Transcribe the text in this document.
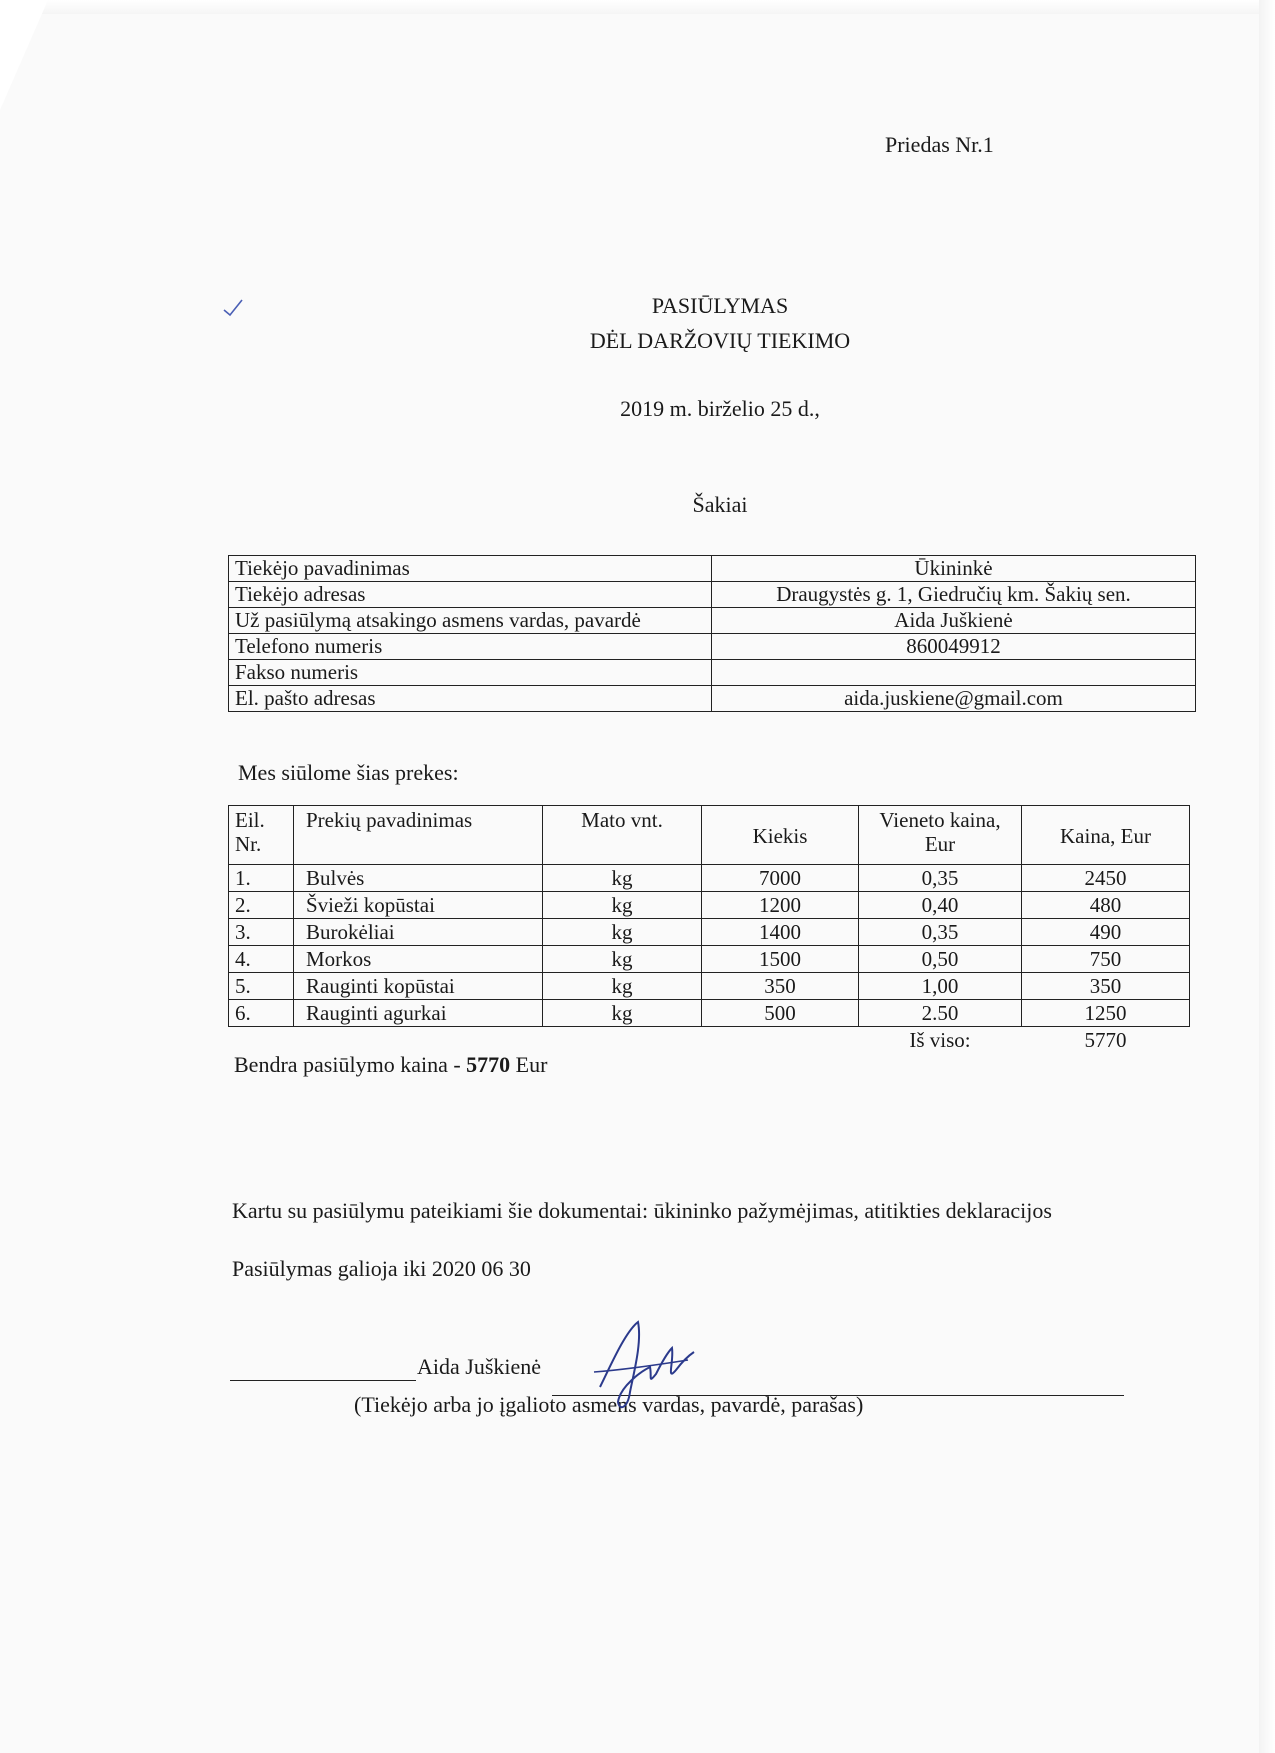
Priedas Nr.1
PASIŪLYMAS
DĖL DARŽOVIŲ TIEKIMO
2019 m. birželio 25 d.,
Šakiai
Tiekėjo pavadinimas	Ūkininkė
Tiekėjo adresas	Draugystės g. 1, Giedručių km. Šakių sen.
Už pasiūlymą atsakingo asmens vardas, pavardė	Aida Juškienė
Telefono numeris	860049912
Fakso numeris	
El. pašto adresas	aida.juskiene@gmail.com
Mes siūlome šias prekes:
Eil. Nr.	Prekių pavadinimas	Mato vnt.	Kiekis	Vieneto kaina, Eur	Kaina, Eur
1.	Bulvės	kg	7000	0,35	2450
2.	Švieži kopūstai	kg	1200	0,40	480
3.	Burokėliai	kg	1400	0,35	490
4.	Morkos	kg	1500	0,50	750
5.	Rauginti kopūstai	kg	350	1,00	350
6.	Rauginti agurkai	kg	500	2.50	1250
				Iš viso:	5770
Bendra pasiūlymo kaina - 5770 Eur
Kartu su pasiūlymu pateikiami šie dokumentai: ūkininko pažymėjimas, atitikties deklaracijos
Pasiūlymas galioja iki 2020 06 30
Aida Juškienė
(Tiekėjo arba jo įgalioto asmens vardas, pavardė, parašas)
